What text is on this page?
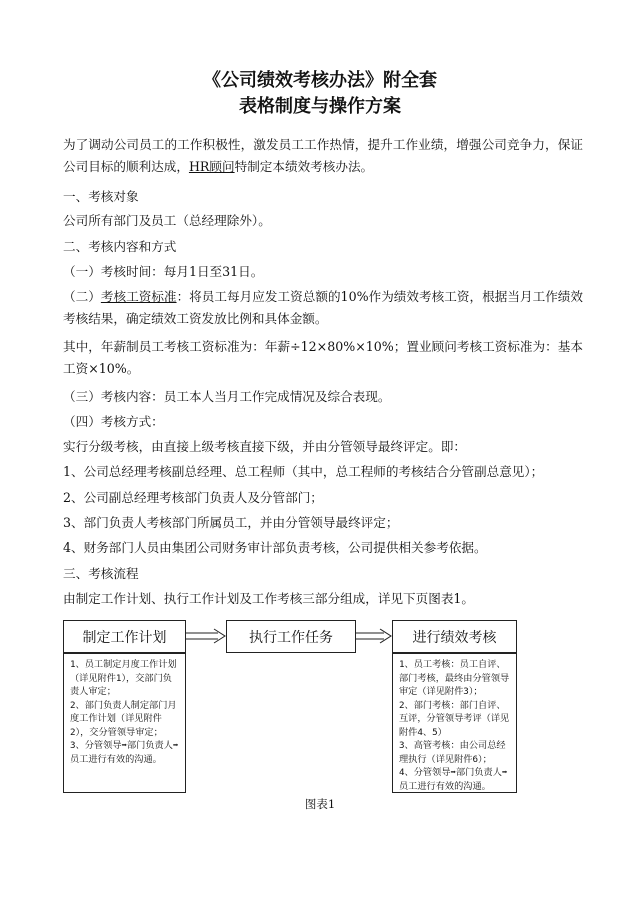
《公司绩效考核办法》附全套
表格制度与操作方案
为了调动公司员工的工作积极性，激发员工工作热情，提升工作业绩，增强公司竞争力，保证公司目标的顺利达成，HR顾问特制定本绩效考核办法。
一、考核对象
公司所有部门及员工（总经理除外）。
二、考核内容和方式
（一）考核时间：每月1日至31日。
（二）考核工资标准：将员工每月应发工资总额的10%作为绩效考核工资，根据当月工作绩效考核结果，确定绩效工资发放比例和具体金额。
其中，年薪制员工考核工资标准为：年薪÷12×80%×10%；置业顾问考核工资标准为：基本工资×10%。
（三）考核内容：员工本人当月工作完成情况及综合表现。
（四）考核方式：
实行分级考核，由直接上级考核直接下级，并由分管领导最终评定。即：
1、公司总经理考核副总经理、总工程师（其中，总工程师的考核结合分管副总意见）；
2、公司副总经理考核部门负责人及分管部门；
3、部门负责人考核部门所属员工，并由分管领导最终评定；
4、财务部门人员由集团公司财务审计部负责考核，公司提供相关参考依据。
三、考核流程
由制定工作计划、执行工作计划及工作考核三部分组成，详见下页图表1。
制定工作计划
1、员工制定月度工作计划（详见附件1），交部门负责人审定；
2、部门负责人制定部门月度工作计划（详见附件2），交分管领导审定；
3、分管领导➡部门负责人➡员工进行有效的沟通。
执行工作任务	进行绩效考核
1、员工考核：员工自评、部门考核，最终由分管领导审定（详见附件3）；
2、部门考核：部门自评、互评，分管领导考评（详见附件4、5）
3、高管考核：由公司总经理执行（详见附件6）；
4、分管领导➡部门负责人➡员工进行有效的沟通。
图表1
